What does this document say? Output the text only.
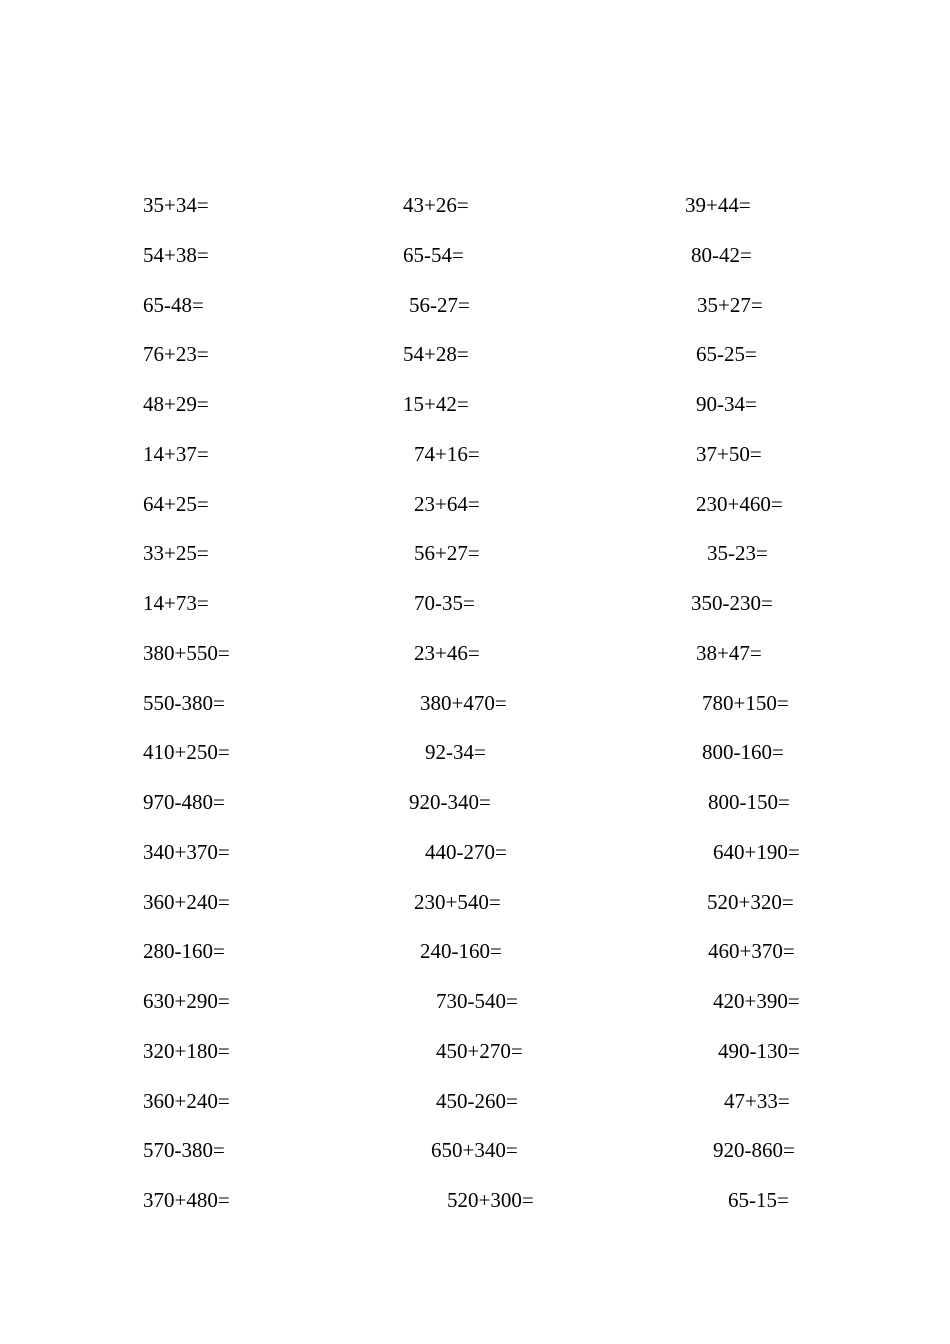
35+34=	43+26=	39+44=
54+38=	65-54=	80-42=
65-48=	56-27=	35+27=
76+23=	54+28=	65-25=
48+29=	15+42=	90-34=
14+37=	74+16=	37+50=
64+25=	23+64=	230+460=
33+25=	56+27=	35-23=
14+73=	70-35=	350-230=
380+550=	23+46=	38+47=
550-380=	380+470=	780+150=
410+250=	92-34=	800-160=
970-480=	920-340=	800-150=
340+370=	440-270=	640+190=
360+240=	230+540=	520+320=
280-160=	240-160=	460+370=
630+290=	730-540=	420+390=
320+180=	450+270=	490-130=
360+240=	450-260=	47+33=
570-380=	650+340=	920-860=
370+480=	520+300=	65-15=
